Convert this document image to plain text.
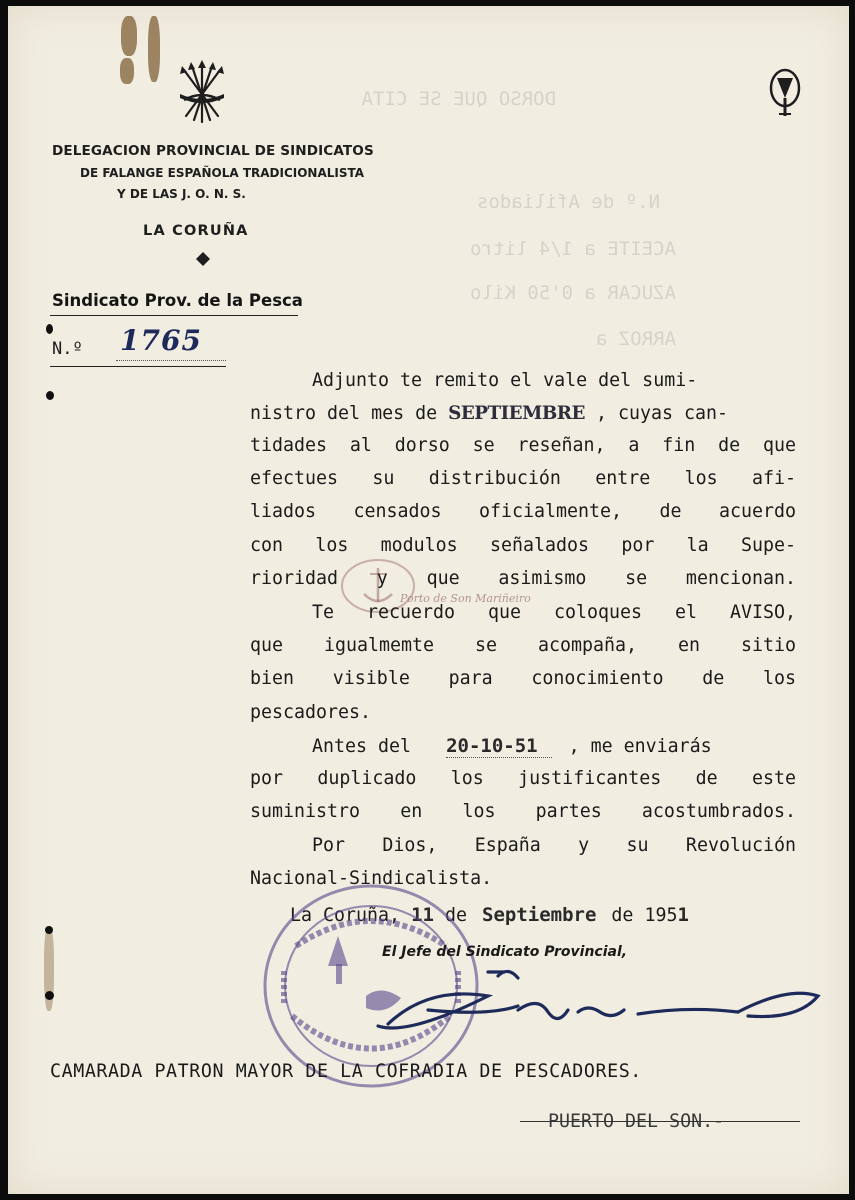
DORSO QUE SE CITA
N.º de Afiliados
ACEITE a 1/4 litro
AZUCAR a 0'50 Kilo
ARROZ a
DELEGACION PROVINCIAL DE SINDICATOS
DE FALANGE ESPAÑOLA TRADICIONALISTA
Y DE LAS J. O. N. S.
LA CORUÑA
Sindicato Prov. de la Pesca
N.º 1765
Porto de Son Mariñeiro
Adjunto te remito el vale del sumi-
nistro del mes de SEPTIEMBRE , cuyas can-
tidades al dorso se reseñan, a fin de que
efectues su distribución entre los afi-
liados censados oficialmente, de acuerdo
con los modulos señalados por la Supe-
rioridad y que asimismo se mencionan.
Te recuerdo que coloques el AVISO,
que igualmemte se acompaña, en sitio
bien visible para conocimiento de los
pescadores.
Antes del 20-10-51 , me enviarás
por duplicado los justificantes de este
suministro en los partes acostumbrados.
Por Dios, España y su Revolución
Nacional-Sindicalista.
La Coruña, 11 de Septiembre de 1951
El Jefe del Sindicato Provincial,
CAMARADA PATRON MAYOR DE LA COFRADIA DE PESCADORES.
PUERTO DEL SON.-
